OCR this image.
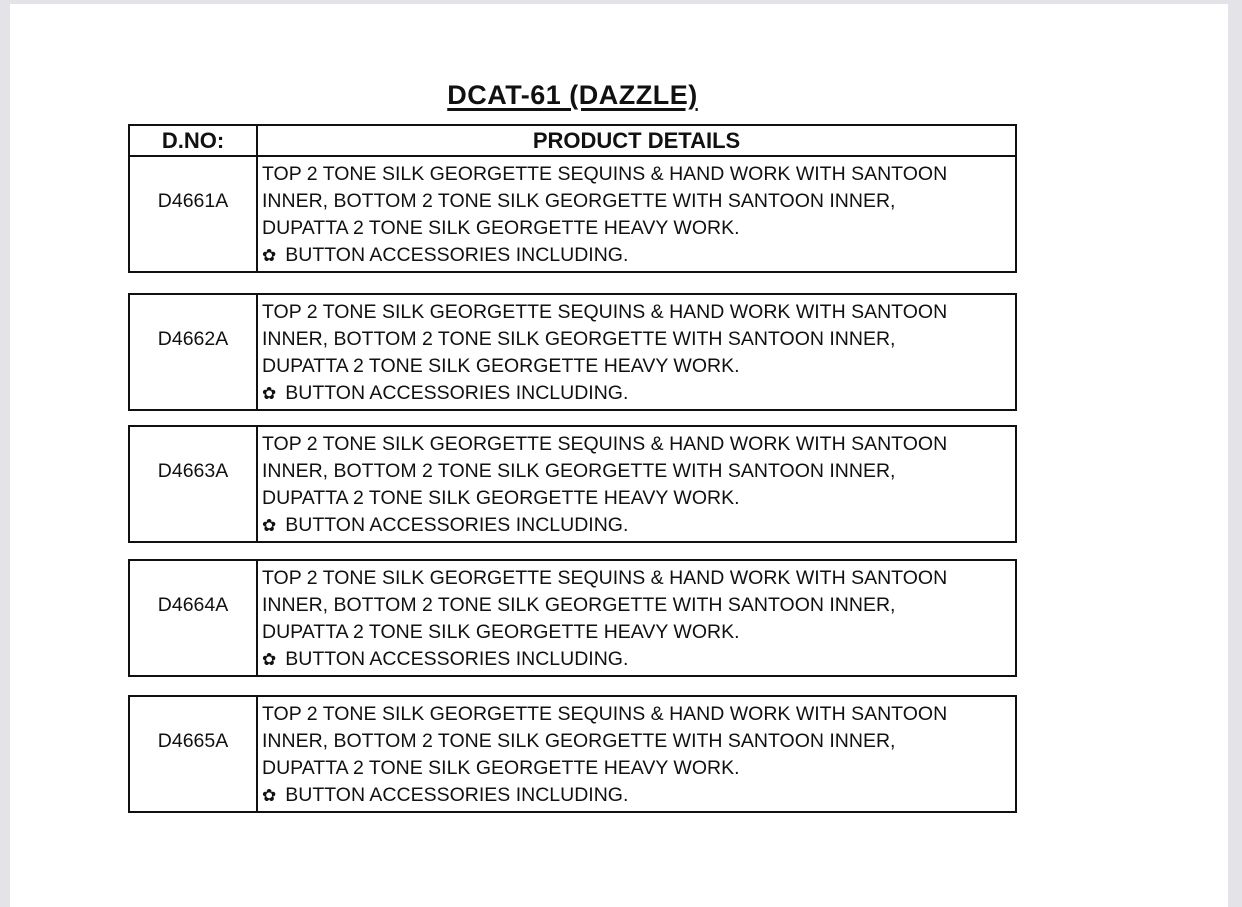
DCAT-61 (DAZZLE)
D.NO:	PRODUCT DETAILS
D4661A
TOP 2 TONE SILK GEORGETTE SEQUINS & HAND WORK WITH SANTOON
INNER, BOTTOM 2 TONE SILK GEORGETTE WITH SANTOON INNER,
DUPATTA 2 TONE SILK GEORGETTE HEAVY WORK.
✿ BUTTON ACCESSORIES INCLUDING.
D4662A
TOP 2 TONE SILK GEORGETTE SEQUINS & HAND WORK WITH SANTOON
INNER, BOTTOM 2 TONE SILK GEORGETTE WITH SANTOON INNER,
DUPATTA 2 TONE SILK GEORGETTE HEAVY WORK.
✿ BUTTON ACCESSORIES INCLUDING.
D4663A
TOP 2 TONE SILK GEORGETTE SEQUINS & HAND WORK WITH SANTOON
INNER, BOTTOM 2 TONE SILK GEORGETTE WITH SANTOON INNER,
DUPATTA 2 TONE SILK GEORGETTE HEAVY WORK.
✿ BUTTON ACCESSORIES INCLUDING.
D4664A
TOP 2 TONE SILK GEORGETTE SEQUINS & HAND WORK WITH SANTOON
INNER, BOTTOM 2 TONE SILK GEORGETTE WITH SANTOON INNER,
DUPATTA 2 TONE SILK GEORGETTE HEAVY WORK.
✿ BUTTON ACCESSORIES INCLUDING.
D4665A
TOP 2 TONE SILK GEORGETTE SEQUINS & HAND WORK WITH SANTOON
INNER, BOTTOM 2 TONE SILK GEORGETTE WITH SANTOON INNER,
DUPATTA 2 TONE SILK GEORGETTE HEAVY WORK.
✿ BUTTON ACCESSORIES INCLUDING.
